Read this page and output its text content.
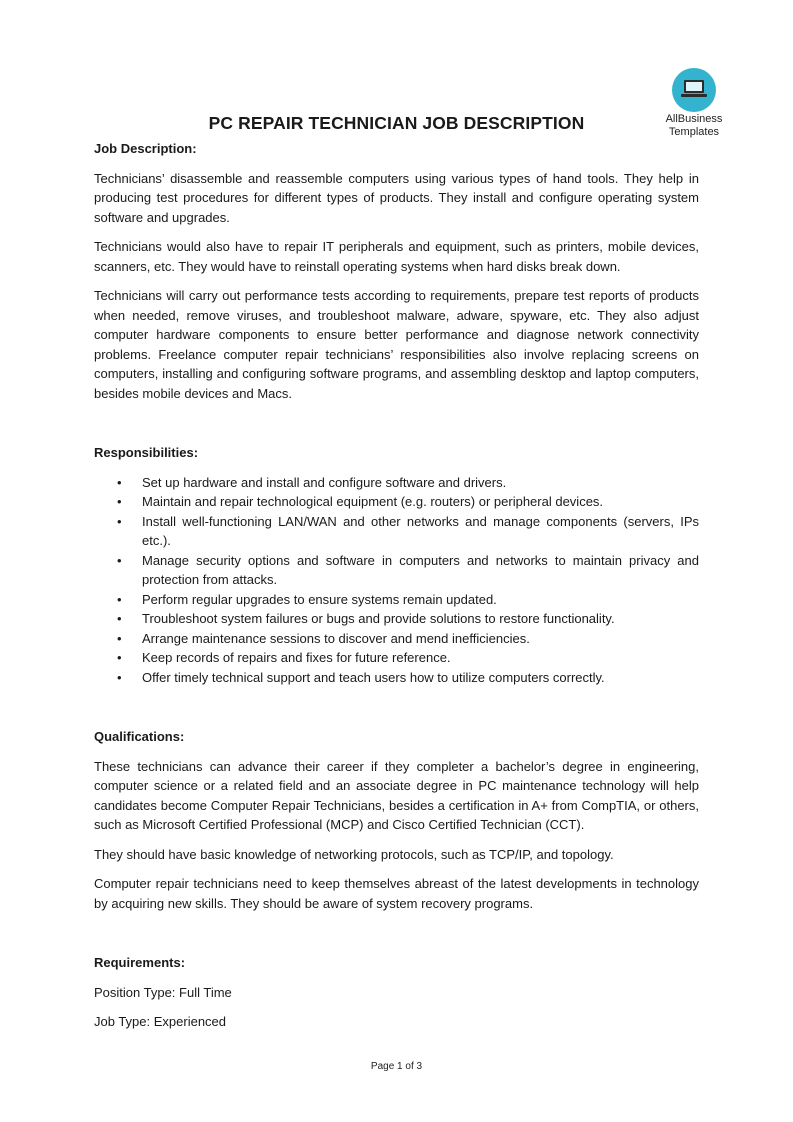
AllBusiness
Templates
PC REPAIR TECHNICIAN JOB DESCRIPTION
Job Description:

Technicians’ disassemble and reassemble computers using various types of hand tools. They help in producing test procedures for different types of products. They install and configure operating system software and upgrades.

Technicians would also have to repair IT peripherals and equipment, such as printers, mobile devices, scanners, etc. They would have to reinstall operating systems when hard disks break down.

Technicians will carry out performance tests according to requirements, prepare test reports of products when needed, remove viruses, and troubleshoot malware, adware, spyware, etc. They also adjust computer hardware components to ensure better performance and diagnose network connectivity problems. Freelance computer repair technicians’ responsibilities also involve replacing screens on computers, installing and configuring software programs, and assembling desktop and laptop computers, besides mobile devices and Macs.

Responsibilities:
• Set up hardware and install and configure software and drivers.
• Maintain and repair technological equipment (e.g. routers) or peripheral devices.
• Install well-functioning LAN/WAN and other networks and manage components (servers, IPs etc.).
• Manage security options and software in computers and networks to maintain privacy and protection from attacks.
• Perform regular upgrades to ensure systems remain updated.
• Troubleshoot system failures or bugs and provide solutions to restore functionality.
• Arrange maintenance sessions to discover and mend inefficiencies.
• Keep records of repairs and fixes for future reference.
• Offer timely technical support and teach users how to utilize computers correctly.
Qualifications:

These technicians can advance their career if they completer a bachelor’s degree in engineering, computer science or a related field and an associate degree in PC maintenance technology will help candidates become Computer Repair Technicians, besides a certification in A+ from CompTIA, or others, such as Microsoft Certified Professional (MCP) and Cisco Certified Technician (CCT).

They should have basic knowledge of networking protocols, such as TCP/IP, and topology.

Computer repair technicians need to keep themselves abreast of the latest developments in technology by acquiring new skills. They should be aware of system recovery programs.

Requirements:
Position Type: Full Time
Job Type: Experienced
Page 1 of 3
